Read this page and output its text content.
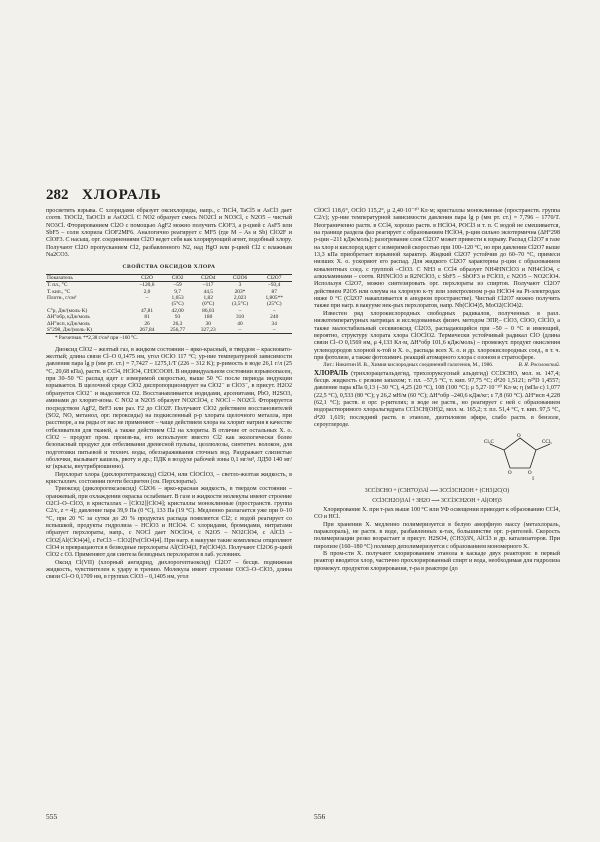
282 ХЛОРАЛЬ

просветить взрыва. С хлоридами образует оксихлориды, напр., с TiCl4, TaCl5 и AsCl3 дает соотв. TiOCl2, TaOCl3 и AsO2Cl. С NO2 образует смесь NO2Cl и NO3Cl, с N2O5 – чистый NO3Cl. Фторированием Cl2O с помощью AgF2 можно получить ClOF3, а р-цией с AsF5 или SbF5 – соли хлорила ClOF2MF6. Аналогично реагирует с MF5 (где M – As и Sb) ClO2F и ClOF3. С насыщ. орг. соединениями Cl2O ведет себя как хлорирующий агент, подобный хлору. Получают Cl2O пропусканием Cl2, разбавленного N2, над HgO или р-цией Cl2 с влажным Na2CO3.

СВОЙСТВА ОКСИДОВ ХЛОРА
Показатель	Cl2O	ClO2	Cl2O4	Cl2O6	Cl2O7
Т. пл., °C	–120,6	–59	–117	3	–93,4
Т. кип., °C	2,0	9,7	44,5	203*	87
Плотн., г/см³	–	1,653	1,82	2,023	1,805**
		(5°C)	(0°C)	(3,5°C)	(25°C)
C°p, Дж/(моль·K)	47,81	42,00	86,03	–	–
ΔH°обр, кДж/моль	81	93	180	310	240
ΔH°исп, кДж/моль	26	26,3	30	40	34
S°298, Дж/(моль·K)	267,84	256,77	327,23	–	–
* Расчетная. **2,38 г/см³ при –160 °C.

Диоксид ClO2 – желтый газ, в жидком состоянии – ярко-красный, в твердом – красновато-желтый; длина связи Cl–O 0,1475 нм, угол OClO 117 °C; ур-ние температурной зависимости давления пара lg p (мм рт. ст.) = 7,7427 – 1275,1/T (226 – 312 K); р-римость в воде 26,1 г/л (25 °C, 20,68 кПа), раств. в CCl4, HClO4, CH3COOH. В индивидуальном состоянии взрывоопасен, при 30–50 °C распад идет с измеримой скоростью, выше 50 °C после периода индукции взрывается. В щелочной среде ClO2 диспропорционирует на ClO2⁻ и ClO3⁻, в присут. H2O2 образуется ClO2⁻ и выделяется O2. Восстанавливается иодидами, арсенитами, PbO, H2SO3, аминами до хлорит-иона. С NO2 и N2O5 образует NO2ClO4, с NOCl – NO2Cl. Фторируется посредством AgF2, BrF3 или раз. F2 до ClO2F. Получают ClO2 действием восстановителей (SO2, NO, метанол, орг. пероксиды) на подкисленный р-р хлората щелочного металла, при расстворе, а на ряды от нас не применяют – чаще действием хлора на хлорит натрия в качестве отбеливателя для тканей, а также действием Cl2 на хлориты. В отличие от остальных Х. о. ClO2 – продукт пром. произв-ва, его используют вместо Cl2 как экологически более безопасный продукт для отбеливания древесной пульпы, целлюлозы, синтетич. волокон, для подготовки питьевой и техннч. воды, обеззараживания сточных вод. Раздражает слизистые оболочки, вызывает кашель, рвоту и др.; ПДК в воздухе рабочей зоны 0,1 мг/м³, ЛД50 140 мг/кг (крысы, внутрибрюшинно).

Перхлорат хлора (дихлоротетраоксид) Cl2O4, или ClOClO3, – светло-желтая жидкость, в кристаллич. состоянии почти бесцветен (см. Перхлораты).

Триоксид (диклорогексаоксид) Cl2O6 – ярко-красная жидкость, в твердом состоянии – оранжевый, при охлаждении окраска ослабевает. В газе и жидкости молекулы имеют строение O2Cl–O–ClO3, в кристаллах – [ClO2][ClO4]; кристаллы моноклинные (пространств. группа C2/c, z = 4); давление пара 39,9 Па (0 °C), 133 Па (19 °C). Медленно разлагается уже при 0–10 °C, при 20 °C за сутки до 20 % продуктах распада появляется Cl2; с водой реагирует со вспышкой, продукты гидролиза – HClO3 и HClO4. С хлоридами, бромидами, нитратами образует перхлораты, напр., с NOCl дает NOClO4, с N2O5 – NO2ClO4, с AlCl3 – ClO2[Al(ClO4)4], с FeCl3 – ClO2[Fe(ClO4)4]. При нагр. в вакууме такие комплексы отщепляют ClO4 и превращаются в безводные перхлораты Al(ClO4)3, Fe(ClO4)3. Получают Cl2O6 р-цией ClO2 с O3. Применяют для синтеза безводных перхлоратов в лаб. условиях.

Оксид Cl(VII) (хлорный ангидрид, дихлорогептаоксид) Cl2O7 – бесцв. подвижная жидкость, чувствителен к удару и трению. Молекула имеет строение O3Cl–O–ClO3, длина связи Cl–O 0,1709 нм, в группах ClO3 – 0,1405 нм, угол

ClOCl 118,6°, OClO 115,2°, μ 2,40·10⁻³⁰ Кл·м; кристаллы моноклинные (пространств. группа C2/c); ур-ние температурной зависимости давления пара lg p (мм рт. ст.) = 7,796 – 1770/T. Неограниченно раств. в CCl4, хорошо раств. в HClO4, POCl3 и т. п. С водой не смешивается, на границе раздела фаз реагирует с образованием HClO4, р-ция сильно экзотермична (ΔH°298 р-ции –211 кДж/моль); разогревание слоя Cl2O7 может привести к взрыву. Распад Cl2O7 в газе на хлор и кислород идет с измеримой скоростью при 100–120 °C, но при давлении Cl2O7 выше 13,3 кПа приобретает взрывной характер. Жидкий Cl2O7 устойчив до 60–70 °C, примеси низших Х. о. ускоряют его распад. Для жидкого Cl2O7 характерны р-ции с образованием ковалентных соед. с группой –ClO3. С NH3 в CCl4 образует NH4HNClO3 и NH4ClO4, с алкиламинами – соотв. RHNClO3 и R2NClO3, с SbF5 – SbOF3 и FClO3, с N2O5 – NO2ClO4. Используя Cl2O7, можно синтезировать орг. перхлораты из спиртов. Получают Cl2O7 действием P2O5 или олеума на хлорную к-ту или электролизом р-ра HClO4 на Pt-электродах ниже 0 °C (Cl2O7 накапливается в анодном пространстве). Чистый Cl2O7 можно получить также при нагр. в вакууме нек-рых перхлоратов, напр. Nb(ClO4)5, MoO2(ClO4)2.

Известен ряд хлорокислородных свободных радикалов, полученных в разл. низкотемпературных матрицах и исследованных физич. методом ЭПР,– ClO3, ClOO, ClClO, а также малостабильный сесквиоксид Cl2O3, распадающийся при –50 – 0 °C и имеющий, вероятно, структуру хлората хлора ClOClO2. Термически устойчивый радикал ClO (длина связи Cl–O 0,1569 нм, μ 4,133 Кл·м, ΔH°обр 101,6 кДж/моль) – промежут. продукт окисления углеводородов хлорной к-той и Х. о., распада всех Х. о. и др. хлорокислородных соед., в т. ч. при фотолизе, а также фотохимич. реакций атомарного хлора с озоном в стратосфере.

Лит.: Никитин И. В., Химия кислородных соединений галогенов, М., 1986.	В. Я. Росоловский.

ХЛОРАЛЬ (трихлорацетальдегид, трихлоруксусный альдегид) CCl3CHO, мол. м. 147,4; бесцв. жидкость с резким запахом; т. пл. –57,5 °C, т. кип. 97,75 °C; d⁴20 1,5121; n²⁰D 1,4557; давление пара кПа 0,13 (–30 °C), 4,25 (20 °C), 108 (100 °C); μ 5,27·10⁻³⁰ Кл·м; η (мПа·с) 1,077 (22,5 °C), 0,533 (80 °C); γ 26,2 мН/м (60 °C); ΔH°обр –240,6 кДж/кг; ε 7,8 (60 °C). ΔH°исп 4,228 (62,1 °C); раств. в орг. р-рителях; в воде не раств., но реагирует с ней с образованием водорастворимого хлоральгидрата CCl3CH(OH)2, мол. м. 165,2; т. пл. 51,4 °C, т. кип. 97,5 °C, d⁴20 1,619; послединй раств. в этаноле, диэтиловом эфире, слабо раств. в бензоле, сероуглероде.

O
O	O
Cl₃C	CCl₃
I
3CCl3CHO + (C3H7O)3Al ⟶ 3CCl3CH2OH + (CH3)2C(O)
CCl3CH2O)3Al + 3H2O ⟶ 3CCl3CH2OH + Al(OH)3

Хлорирование Х. при т-рах выше 100 °C или УФ освещении приводит к образованию CCl4, CO и HCl.

При хранении Х. медленно полимеризуется в белую аморфную массу (метахлораль, параклораль), не раств. в воде, разбавленных к-тах, большинстве орг. р-рителей. Скорость полимеризации резко возрастает в присут. H2SO4, (CH3)3N, AlCl3 и др. катализаторов. При пиролизе (160–180 °C) полимер деполимеризуется с образованием мономерного Х.

В пром-сти Х. получают хлорированием этанола в каскаде двух реакторов: в первый реактор вводится хлор, частично прохлорированный спирт и вода, необходимая для гидролиза промежут. продуктов хлорирования, т-ра в реакторе (до

555	556
